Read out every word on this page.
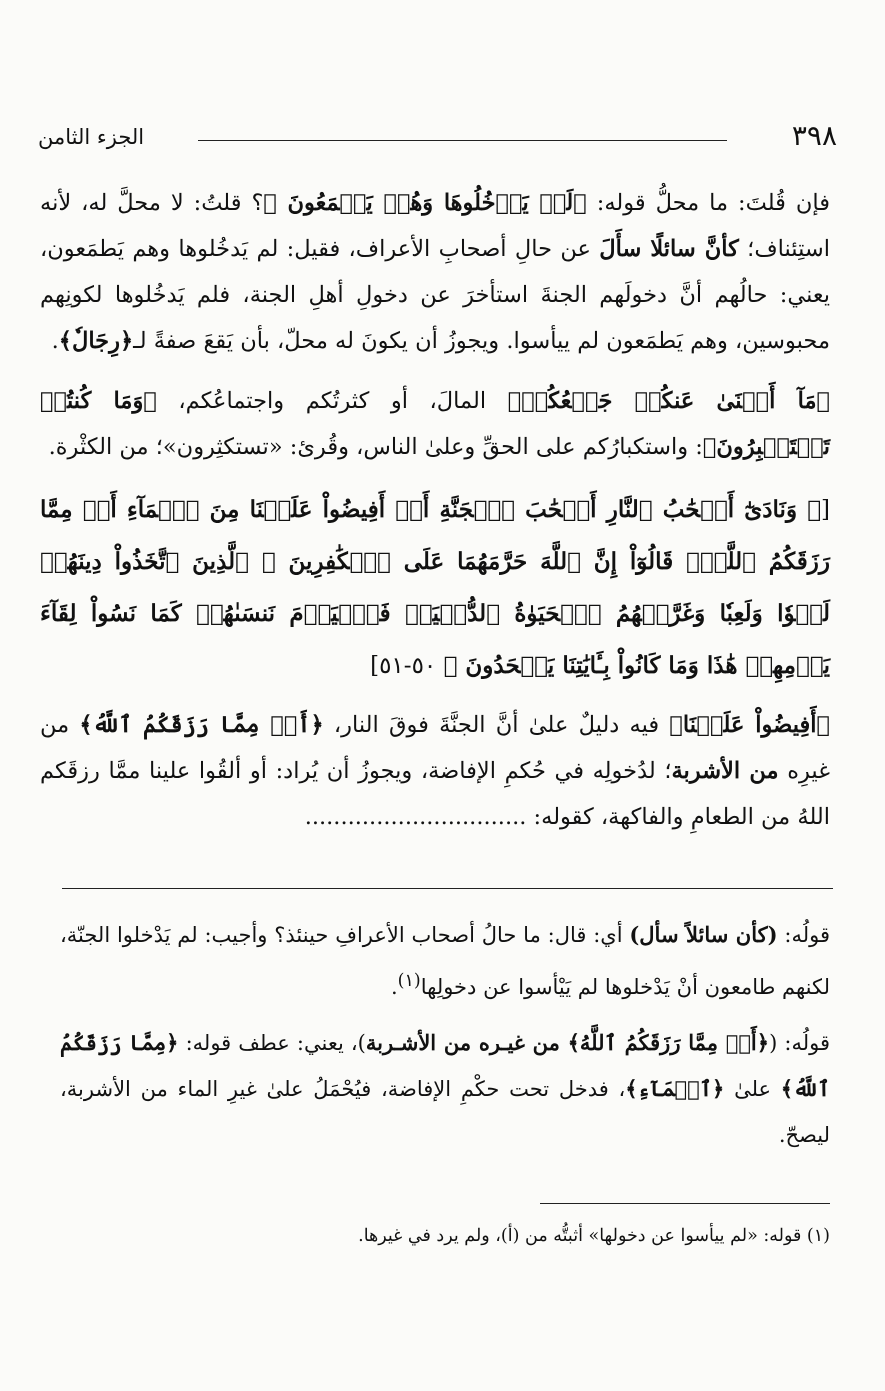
٣٩٨
الجزء الثامن

فإن قُلتَ: ما محلُّ قوله: ﴿لَمۡ يَدۡخُلُوهَا وَهُمۡ يَطۡمَعُونَ ﴾؟ قلتُ: لا محلَّ له، لأنه استِئناف؛ كأنَّ سائلًا سأَلَ عن حالِ أصحابِ الأعراف، فقيل: لم يَدخُلوها وهم يَطمَعون، يعني: حالُهم أنَّ دخولَهم الجنةَ استأخرَ عن دخولِ أهلِ الجنة، فلم يَدخُلوها لكونِهم محبوسين، وهم يَطمَعون لم ييأسوا. ويجوزُ أن يكونَ له محلّ، بأن يَقعَ صفةً لـ﴿رِجَالٗ﴾.

﴿مَآ أَغۡنَىٰ عَنكُمۡ جَمۡعُكُمۡ﴾ المالَ، أو كثرتُكم واجتماعُكم، ﴿وَمَا كُنتُمۡ تَسۡتَكۡبِرُونَ﴾: واستكبارُكم على الحقِّ وعلىٰ الناس، وقُرئ: «تستكثِرون»؛ من الكثْرة.

[﴿ وَنَادَىٰٓ أَصۡحَٰبُ ٱلنَّارِ أَصۡحَٰبَ ٱلۡجَنَّةِ أَنۡ أَفِيضُواْ عَلَيۡنَا مِنَ ٱلۡمَآءِ أَوۡ مِمَّا رَزَقَكُمُ ٱللَّهُۚ قَالُوٓاْ إِنَّ ٱللَّهَ حَرَّمَهُمَا عَلَى ٱلۡكَٰفِرِينَ ۞ ٱلَّذِينَ ٱتَّخَذُواْ دِينَهُمۡ لَهۡوٗا وَلَعِبٗا وَغَرَّتۡهُمُ ٱلۡحَيَوٰةُ ٱلدُّنۡيَاۚ فَٱلۡيَوۡمَ نَنسَىٰهُمۡ كَمَا نَسُواْ لِقَآءَ يَوۡمِهِمۡ هَٰذَا وَمَا كَانُواْ بِـَٔايَٰتِنَا يَجۡحَدُونَ ﴾ ٥٠-٥١]

﴿أَفِيضُواْ عَلَيۡنَا﴾ فيه دليلٌ علىٰ أنَّ الجنَّةَ فوقَ النار، ﴿أَوۡ مِمَّا رَزَقَكُمُ ٱللَّهُ﴾ من غيرِه من الأشربة؛ لدُخولِه في حُكمِ الإفاضة، ويجوزُ أن يُراد: أو ألقُوا علينا ممَّا رزقَكم اللهُ من الطعامِ والفاكهة، كقوله: ...............................

قولُه: (كأن سائلاً سأل) أي: قال: ما حالُ أصحاب الأعرافِ حينئذ؟ وأجيب: لم يَدْخلوا الجنّة، لكنهم طامعون أنْ يَدْخلوها لم يَيْأسوا عن دخولِها$^{(١)}$.

قولُه: (﴿أَوۡ مِمَّا رَزَقَكُمُ ٱللَّهُ﴾ من غيـره من الأشـربة)، يعني: عطف قوله: ﴿مِمَّا رَزَقَكُمُ ٱللَّهُ﴾ علىٰ ﴿ٱلۡمَآءِ﴾، فدخل تحت حكْمِ الإفاضة، فيُحْمَلُ علىٰ غيرِ الماء من الأشربة، ليصحّ.

(١) قوله: «لم ييأسوا عن دخولها» أثبتُّه من (أ)، ولم يرد في غيرها.
